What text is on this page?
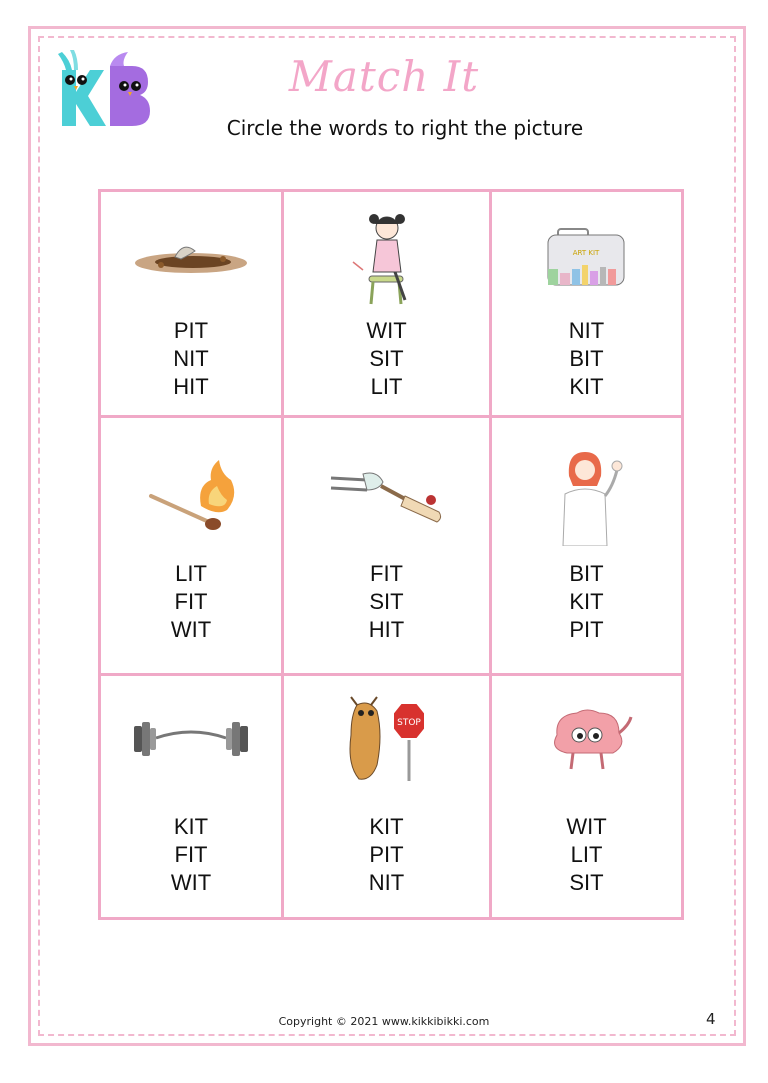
KB
Match It
Circle the words to right the picture
PIT
NIT
HIT
WIT
SIT
LIT
ART KIT
NIT
BIT
KIT
LIT
FIT
WIT
FIT
SIT
HIT
BIT
KIT
PIT
KIT
FIT
WIT
STOP
KIT
PIT
NIT
WIT
LIT
SIT
Copyright © 2021 www.kikkibikki.com	4
